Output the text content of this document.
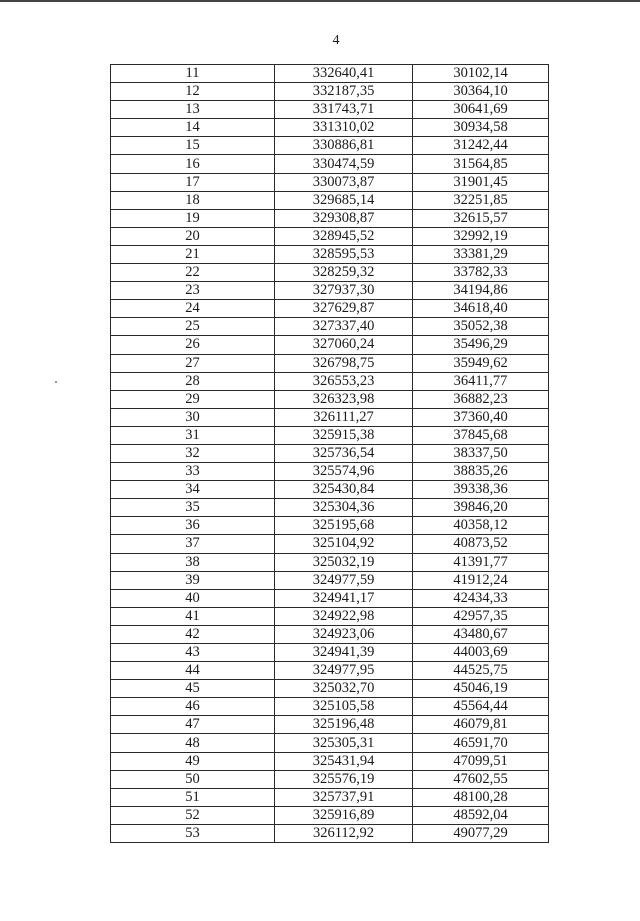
4
11	332640,41	30102,14
12	332187,35	30364,10
13	331743,71	30641,69
14	331310,02	30934,58
15	330886,81	31242,44
16	330474,59	31564,85
17	330073,87	31901,45
18	329685,14	32251,85
19	329308,87	32615,57
20	328945,52	32992,19
21	328595,53	33381,29
22	328259,32	33782,33
23	327937,30	34194,86
24	327629,87	34618,40
25	327337,40	35052,38
26	327060,24	35496,29
27	326798,75	35949,62
28	326553,23	36411,77
29	326323,98	36882,23
30	326111,27	37360,40
31	325915,38	37845,68
32	325736,54	38337,50
33	325574,96	38835,26
34	325430,84	39338,36
35	325304,36	39846,20
36	325195,68	40358,12
37	325104,92	40873,52
38	325032,19	41391,77
39	324977,59	41912,24
40	324941,17	42434,33
41	324922,98	42957,35
42	324923,06	43480,67
43	324941,39	44003,69
44	324977,95	44525,75
45	325032,70	45046,19
46	325105,58	45564,44
47	325196,48	46079,81
48	325305,31	46591,70
49	325431,94	47099,51
50	325576,19	47602,55
51	325737,91	48100,28
52	325916,89	48592,04
53	326112,92	49077,29
